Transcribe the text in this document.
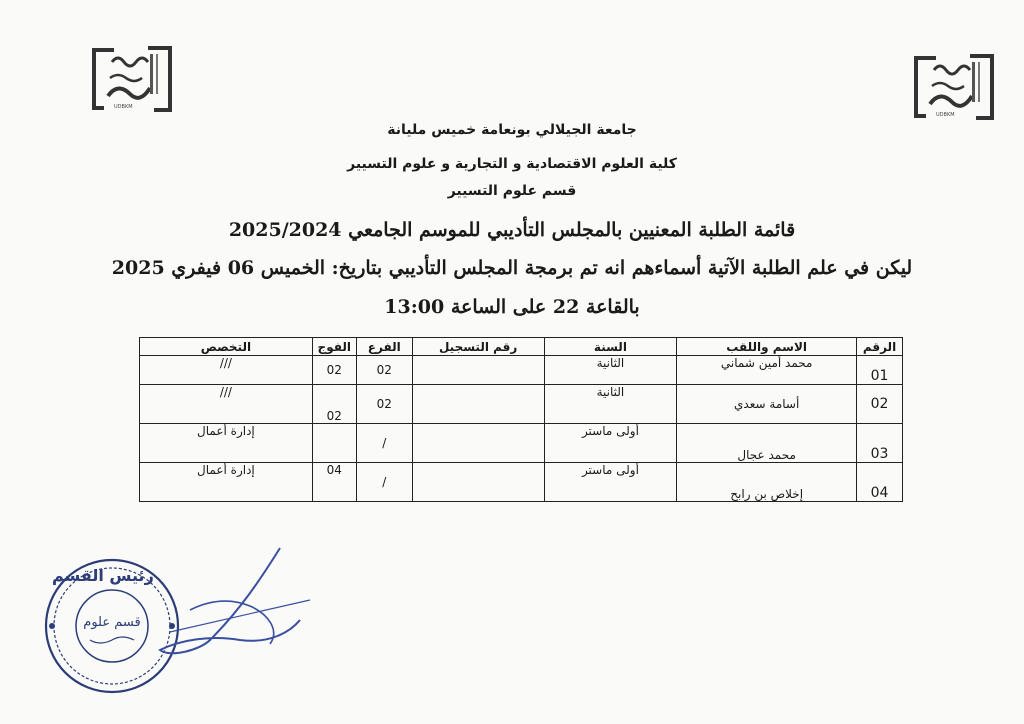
UDBKM
UDBKM
جامعة الجيلالي بونعامة خميس مليانة
كلية العلوم الاقتصادية و التجارية و علوم التسيير
قسم علوم التسيير
قائمة الطلبة المعنيين بالمجلس التأديبي للموسم الجامعي 2025/2024
ليكن في علم الطلبة الآتية أسماءهم انه تم برمجة المجلس التأديبي بتاريخ: الخميس 06 فيفري 2025
بالقاعة 22 على الساعة 13:00
الرقم	الاسم واللقب	السنة	رقم التسجيل	الفرع	الفوج	التخصص
01	محمد أمين شماني	الثانية		02	02	///
02	أسامة سعدي	الثانية		02	02	///
03	محمد عجال	أولى ماستر		/		إدارة أعمال
04	إخلاص بن رابح	أولى ماستر		/	04	إدارة أعمال
قسم علوم
رئيس القسم
